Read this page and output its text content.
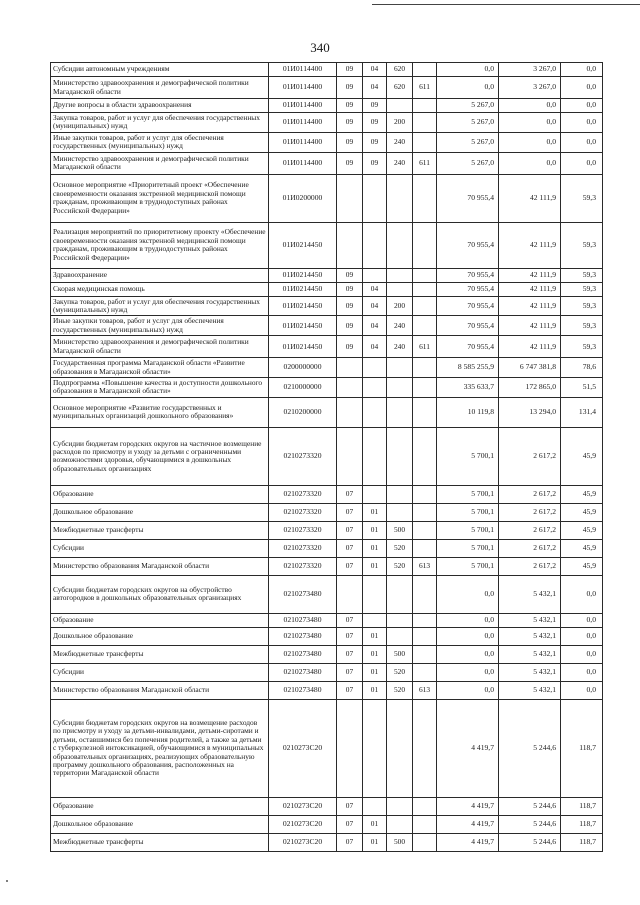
340
Субсидии автономным учреждениям	01И0114400	09	04	620		0,0	3 267,0	0,0
Министерство здравоохранения и демографической политики Магаданской области	01И0114400	09	04	620	611	0,0	3 267,0	0,0
Другие вопросы в области здравоохранения	01И0114400	09	09			5 267,0	0,0	0,0
Закупка товаров, работ и услуг для обеспечения государственных (муниципальных) нужд	01И0114400	09	09	200		5 267,0	0,0	0,0
Иные закупки товаров, работ и услуг для обеспечения государственных (муниципальных) нужд	01И0114400	09	09	240		5 267,0	0,0	0,0
Министерство здравоохранения и демографической политики Магаданской области	01И0114400	09	09	240	611	5 267,0	0,0	0,0
Основное мероприятие «Приоритетный проект «Обеспечение своевременности оказания экстренной медицинской помощи гражданам, проживающим в труднодоступных районах Российской Федерации»	01И0200000					70 955,4	42 111,9	59,3
Реализация мероприятий по приоритетному проекту «Обеспечение своевременности оказания экстренной медицинской помощи гражданам, проживающим в труднодоступных районах Российской Федерации»	01И0214450					70 955,4	42 111,9	59,3
Здравоохранение	01И0214450	09				70 955,4	42 111,9	59,3
Скорая медицинская помощь	01И0214450	09	04			70 955,4	42 111,9	59,3
Закупка товаров, работ и услуг для обеспечения государственных (муниципальных) нужд	01И0214450	09	04	200		70 955,4	42 111,9	59,3
Иные закупки товаров, работ и услуг для обеспечения государственных (муниципальных) нужд	01И0214450	09	04	240		70 955,4	42 111,9	59,3
Министерство здравоохранения и демографической политики Магаданской области	01И0214450	09	04	240	611	70 955,4	42 111,9	59,3
Государственная программа Магаданской области «Развитие образования в Магаданской области»	0200000000					8 585 255,9	6 747 381,8	78,6
Подпрограмма «Повышение качества и доступности дошкольного образования в Магаданской области»	0210000000					335 633,7	172 865,0	51,5
Основное мероприятие «Развитие государственных и муниципальных организаций дошкольного образования»	0210200000					10 119,8	13 294,0	131,4
Субсидии бюджетам городских округов на частичное возмещение расходов по присмотру и уходу за детьми с ограниченными возможностями здоровья, обучающимися в дошкольных образовательных организациях	0210273320					5 700,1	2 617,2	45,9
Образование	0210273320	07				5 700,1	2 617,2	45,9
Дошкольное образование	0210273320	07	01			5 700,1	2 617,2	45,9
Межбюджетные трансферты	0210273320	07	01	500		5 700,1	2 617,2	45,9
Субсидии	0210273320	07	01	520		5 700,1	2 617,2	45,9
Министерство образования Магаданской области	0210273320	07	01	520	613	5 700,1	2 617,2	45,9
Субсидии бюджетам городских округов на обустройство автогородков в дошкольных образовательных организациях	0210273480					0,0	5 432,1	0,0
Образование	0210273480	07				0,0	5 432,1	0,0
Дошкольное образование	0210273480	07	01			0,0	5 432,1	0,0
Межбюджетные трансферты	0210273480	07	01	500		0,0	5 432,1	0,0
Субсидии	0210273480	07	01	520		0,0	5 432,1	0,0
Министерство образования Магаданской области	0210273480	07	01	520	613	0,0	5 432,1	0,0
Субсидии бюджетам городских округов на возмещение расходов по присмотру и уходу за детьми-инвалидами, детьми-сиротами и детьми, оставшимися без попечения родителей, а также за детьми с туберкулезной интоксикацией, обучающимися в муниципальных образовательных организациях, реализующих образовательную программу дошкольного образования, расположенных на территории Магаданской области	0210273С20					4 419,7	5 244,6	118,7
Образование	0210273С20	07				4 419,7	5 244,6	118,7
Дошкольное образование	0210273С20	07	01			4 419,7	5 244,6	118,7
Межбюджетные трансферты	0210273С20	07	01	500		4 419,7	5 244,6	118,7
